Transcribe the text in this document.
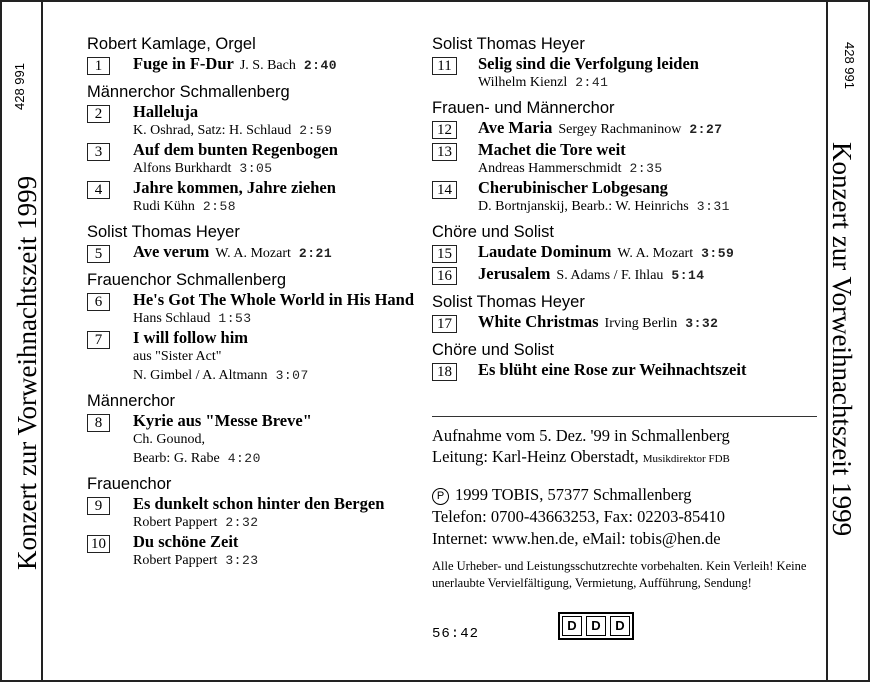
Konzert zur Vorweihnachtszeit 1999
428 991
Konzert zur Vorweihnachtszeit 1999
428 991
Robert Kamlage, Orgel
1	Fuge in F-Dur J. S. Bach 2:40
Männerchor Schmallenberg
2	Halleluja
K. Oshrad, Satz: H. Schlaud 2:59
3	Auf dem bunten Regenbogen
Alfons Burkhardt 3:05
4	Jahre kommen, Jahre ziehen
Rudi Kühn 2:58
Solist Thomas Heyer
5	Ave verum W. A. Mozart 2:21
Frauenchor Schmallenberg
6	He's Got The Whole World in His Hand
Hans Schlaud 1:53
7	I will follow him
aus "Sister Act"
N. Gimbel / A. Altmann 3:07
Männerchor
8	Kyrie aus "Messe Breve"
Ch. Gounod,
Bearb: G. Rabe 4:20
Frauenchor
9	Es dunkelt schon hinter den Bergen
Robert Pappert 2:32
10 Du schöne Zeit
Robert Pappert 3:23
Solist Thomas Heyer
11	Selig sind die Verfolgung leiden
Wilhelm Kienzl 2:41
Frauen- und Männerchor
12	Ave Maria Sergey Rachmaninow 2:27
13	Machet die Tore weit
Andreas Hammerschmidt 2:35
14	Cherubinischer Lobgesang
D. Bortnjanskij, Bearb.: W. Heinrichs 3:31
Chöre und Solist
15	Laudate Dominum W. A. Mozart 3:59
16	Jerusalem S. Adams / F. Ihlau 5:14
Solist Thomas Heyer
17	White Christmas Irving Berlin 3:32
Chöre und Solist
18	Es blüht eine Rose zur Weihnachtszeit
Aufnahme vom 5. Dez. '99 in Schmallenberg
Leitung: Karl-Heinz Oberstadt, Musikdirektor FDB
P 1999 TOBIS, 57377 Schmallenberg
Telefon: 0700-43663253, Fax: 02203-85410
Internet: www.hen.de, eMail: tobis@hen.de
Alle Urheber- und Leistungsschutzrechte vorbehalten. Kein Verleih! Keine unerlaubte Vervielfältigung, Vermietung, Aufführung, Sendung!
56:42
D	D	D
